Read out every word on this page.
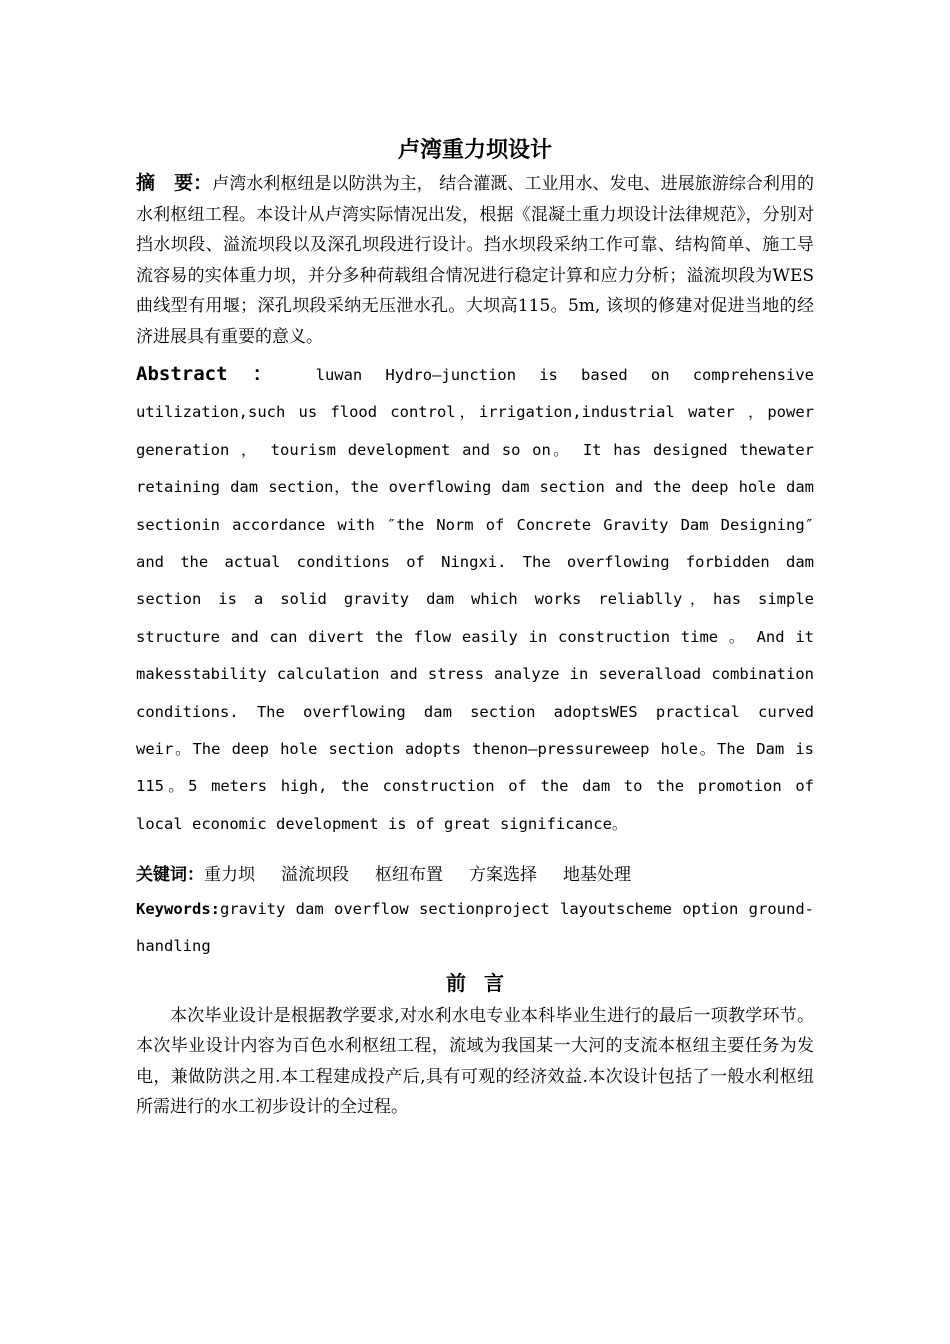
卢湾重力坝设计

摘　要：卢湾水利枢纽是以防洪为主， 结合灌溉、工业用水、发电、进展旅游综合利用的水利枢纽工程。本设计从卢湾实际情况出发，根据《混凝土重力坝设计法律规范》，分别对挡水坝段、溢流坝段以及深孔坝段进行设计。挡水坝段采纳工作可靠、结构简单、施工导流容易的实体重力坝，并分多种荷载组合情况进行稳定计算和应力分析；溢流坝段为WES曲线型有用堰；深孔坝段采纳无压泄水孔。大坝高115。5m, 该坝的修建对促进当地的经济进展具有重要的意义。

Abstract ： luwan Hydro—junction is based on comprehensive utilization,such us flood control，irrigation,industrial water ，power generation ， tourism development and so on。 It has designed thewater retaining dam section，the overflowing dam section and the deep hole dam sectionin accordance with ″the Norm of Concrete Gravity Dam Designing″ and the actual conditions of Ningxi. The overflowing forbidden dam section is a solid gravity dam which works reliablly，has simple structure and can divert the flow easily in construction time 。 And it makesstability calculation and stress analyze in severalload combination conditions. The overflowing dam section adoptsWES practical curved weir。The deep hole section adopts thenon—pressureweep hole。The Dam is 115。5 meters high, the construction of the dam to the promotion of local economic development is of great significance。

关键词：重力坝 溢流坝段 枢纽布置 方案选择 地基处理

Keywords:gravity dam overflow sectionproject layoutscheme option ground-handling

前言

本次毕业设计是根据教学要求,对水利水电专业本科毕业生进行的最后一项教学环节。本次毕业设计内容为百色水利枢纽工程，流域为我国某一大河的支流本枢纽主要任务为发电，兼做防洪之用.本工程建成投产后,具有可观的经济效益.本次设计包括了一般水利枢纽所需进行的水工初步设计的全过程。
